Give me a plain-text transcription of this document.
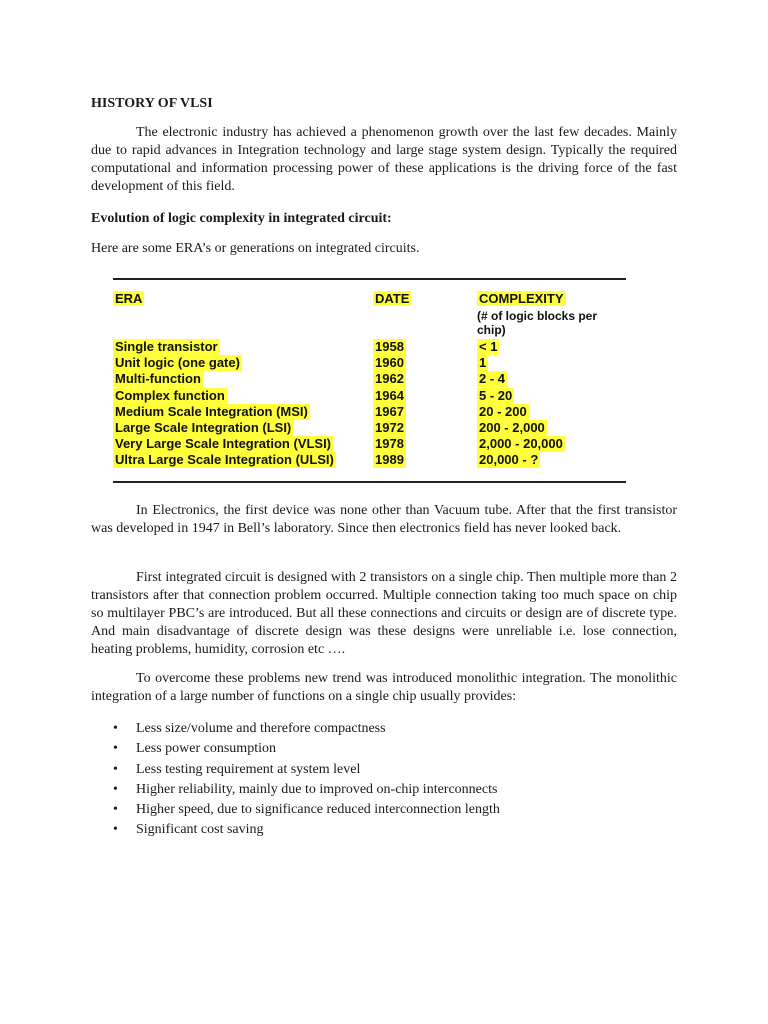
HISTORY OF VLSI

The electronic industry has achieved a phenomenon growth over the last few decades. Mainly due to rapid advances in Integration technology and large stage system design. Typically the required computational and information processing power of these applications is the driving force of the fast development of this field.

Evolution of logic complexity in integrated circuit:
Here are some ERA’s or generations on integrated circuits.
ERA	DATE	COMPLEXITY
(# of logic blocks per chip)
Single transistor	1958	< 1
Unit logic (one gate)	1960	1
Multi-function	1962	2 - 4
Complex function	1964	5 - 20
Medium Scale Integration (MSI)	1967	20 - 200
Large Scale Integration (LSI)	1972	200 - 2,000
Very Large Scale Integration (VLSI)	1978	2,000 - 20,000
Ultra Large Scale Integration (ULSI)	1989	20,000 - ?

In Electronics, the first device was none other than Vacuum tube. After that the first transistor was developed in 1947 in Bell’s laboratory. Since then electronics field has never looked back.

First integrated circuit is designed with 2 transistors on a single chip. Then multiple more than 2 transistors after that connection problem occurred. Multiple connection taking too much space on chip so multilayer PBC’s are introduced. But all these connections and circuits or design are of discrete type. And main disadvantage of discrete design was these designs were unreliable i.e. lose connection, heating problems, humidity, corrosion etc ….

To overcome these problems new trend was introduced monolithic integration. The monolithic integration of a large number of functions on a single chip usually provides:

• Less size/volume and therefore compactness
• Less power consumption
• Less testing requirement at system level
• Higher reliability, mainly due to improved on-chip interconnects
• Higher speed, due to significance reduced interconnection length
• Significant cost saving
